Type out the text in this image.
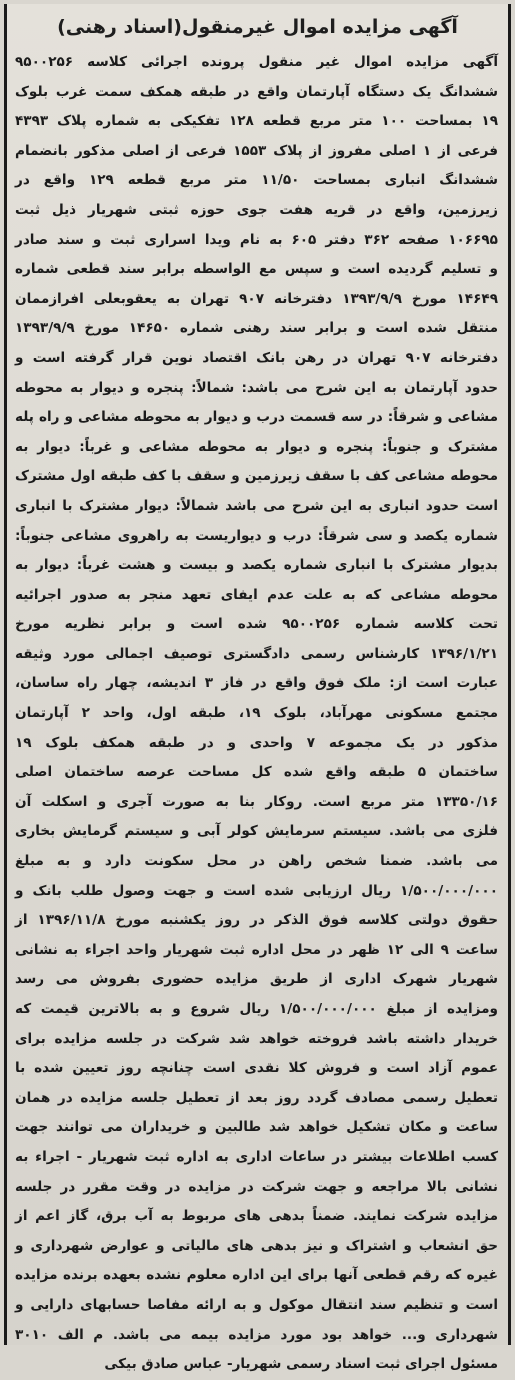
آگهی مزایده اموال غیرمنقول(اسناد رهنی)
آگهی مزایده اموال غیر منقول پرونده اجرائی کلاسه ۹۵۰۰۲۵۶
ششدانگ یک دستگاه آپارتمان واقع در طبقه همکف سمت غرب بلوک
۱۹ بمساحت ۱۰۰ متر مربع قطعه ۱۲۸ تفکیکی به شماره پلاک ۴۳۹۳
فرعی از ۱ اصلی مفروز از پلاک ۱۵۵۳ فرعی از اصلی مذکور بانضمام
ششدانگ انباری بمساحت ۱۱/۵۰ متر مربع قطعه ۱۲۹ واقع در
زیرزمین، واقع در قریه هفت جوی حوزه ثبتی شهریار ذیل ثبت
۱۰۶۶۹۵ صفحه ۳۶۲ دفتر ۶۰۵ به نام ویدا اسراری ثبت و سند صادر
و تسلیم گردیده است و سپس مع الواسطه برابر سند قطعی شماره
۱۴۶۴۹ مورخ ۱۳۹۳/۹/۹ دفترخانه ۹۰۷ تهران به یعقوبعلی افرازممان
منتقل شده است و برابر سند رهنی شماره ۱۴۶۵۰ مورخ ۱۳۹۳/۹/۹
دفترخانه ۹۰۷ تهران در رهن بانک اقتصاد نوین قرار گرفته است و
حدود آپارتمان به این شرح می باشد: شمالاً: پنجره و دیوار به محوطه
مشاعی و شرقاً: در سه قسمت درب و دیوار به محوطه مشاعی و راه پله
مشترک و جنوباً: پنجره و دیوار به محوطه مشاعی و غرباً: دیوار به
محوطه مشاعی کف با سقف زیرزمین و سقف با کف طبقه اول مشترک
است حدود انباری به این شرح می باشد شمالاً: دیوار مشترک با انباری
شماره یکصد و سی شرقاً: درب و دیواریست به راهروی مشاعی جنوباً:
بدیوار مشترک با انباری شماره یکصد و بیست و هشت غرباً: دیوار به
محوطه مشاعی که به علت عدم ایفای تعهد منجر به صدور اجرائیه
تحت کلاسه شماره ۹۵۰۰۲۵۶ شده است و برابر نظریه مورخ
۱۳۹۶/۱/۲۱ کارشناس رسمی دادگستری توصیف اجمالی مورد وثیقه
عبارت است از: ملک فوق واقع در فاز ۳ اندیشه، چهار راه ساسان،
مجتمع مسکونی مهرآباد، بلوک ۱۹، طبقه اول، واحد ۲ آپارتمان
مذکور در یک مجموعه ۷ واحدی و در طبقه همکف بلوک ۱۹
ساختمان ۵ طبقه واقع شده کل مساحت عرصه ساختمان اصلی
۱۳۳۵۰/۱۶ متر مربع است. روکار بنا به صورت آجری و اسکلت آن
فلزی می باشد. سیستم سرمایش کولر آبی و سیستم گرمایش بخاری
می باشد. ضمنا شخص راهن در محل سکونت دارد و به مبلغ
۱/۵۰۰/۰۰۰/۰۰۰ ریال ارزیابی شده است و جهت وصول طلب بانک و
حقوق دولتی کلاسه فوق الذکر در روز یکشنبه مورخ ۱۳۹۶/۱۱/۸ از
ساعت ۹ الی ۱۲ ظهر در محل اداره ثبت شهریار واحد اجراء به نشانی
شهریار شهرک اداری از طریق مزایده حضوری بفروش می رسد
ومزایده از مبلغ ۱/۵۰۰/۰۰۰/۰۰۰ ریال شروع و به بالاترین قیمت که
خریدار داشته باشد فروخته خواهد شد شرکت در جلسه مزایده برای
عموم آزاد است و فروش کلا نقدی است چنانچه روز تعیین شده با
تعطیل رسمی مصادف گردد روز بعد از تعطیل جلسه مزایده در همان
ساعت و مکان تشکیل خواهد شد طالبین و خریداران می توانند جهت
کسب اطلاعات بیشتر در ساعات اداری به اداره ثبت شهریار - اجراء به
نشانی بالا مراجعه و جهت شرکت در مزایده در وقت مقرر در جلسه
مزایده شرکت نمایند. ضمناً بدهی های مربوط به آب برق، گاز اعم از
حق انشعاب و اشتراک و نیز بدهی های مالیاتی و عوارض شهرداری و
غیره که رقم قطعی آنها برای این اداره معلوم نشده بعهده برنده مزایده
است و تنظیم سند انتقال موکول و به ارائه مفاصا حسابهای دارایی و
شهرداری و... خواهد بود مورد مزایده بیمه می باشد. م الف ۳۰۱۰
مسئول اجرای ثبت اسناد رسمی شهریار- عباس صادق بیکی
